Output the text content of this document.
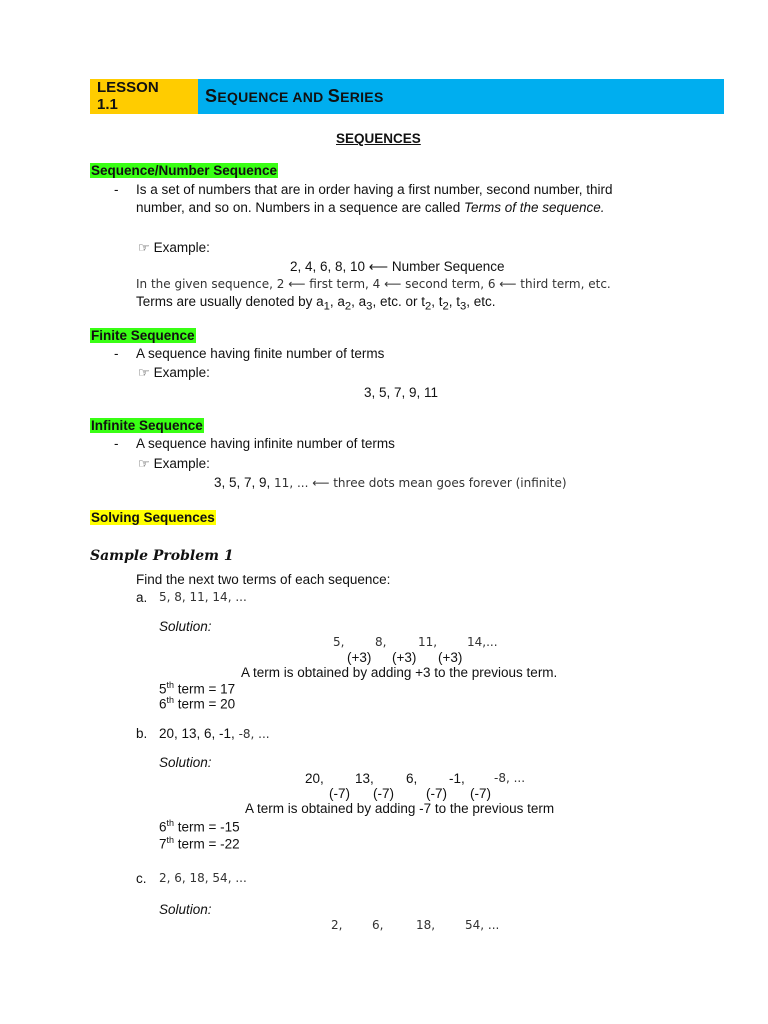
LESSON
1.1	SEQUENCE AND SERIES
SEQUENCES
Sequence/Number Sequence
- Is a set of numbers that are in order having a first number, second number, third
number, and so on. Numbers in a sequence are called Terms of the sequence.
☞ Example:
2, 4, 6, 8, 10 ⟵ Number Sequence
In the given sequence, 2 ⟵ first term, 4 ⟵ second term, 6 ⟵ third term, etc.
Terms are usually denoted by $a_1$, $a_2$, $a_3$, etc. or $t_2$, $t_2$, $t_3$, etc.
Finite Sequence
- A sequence having finite number of terms
☞ Example:
3, 5, 7, 9, 11
Infinite Sequence
- A sequence having infinite number of terms
☞ Example:
3, 5, 7, 9, 11, ... ⟵ three dots mean goes forever (infinite)
Solving Sequences
Sample Problem 1
Find the next two terms of each sequence:
a. 5, 8, 11, 14, ...
Solution:
5,	8,	11, 14,...
(+3) (+3) (+3)
A term is obtained by adding +3 to the previous term.
5th term = 17
6th term = 20
b. 20, 13, 6, -1, -8, ...
Solution:
20, 13, 6, -1, -8, ...
(-7) (-7) (-7) (-7)
A term is obtained by adding -7 to the previous term
6th term = -15
7th term = -22
c. 2, 6, 18, 54, ...
Solution:
2, 6,	18, 54, ...
